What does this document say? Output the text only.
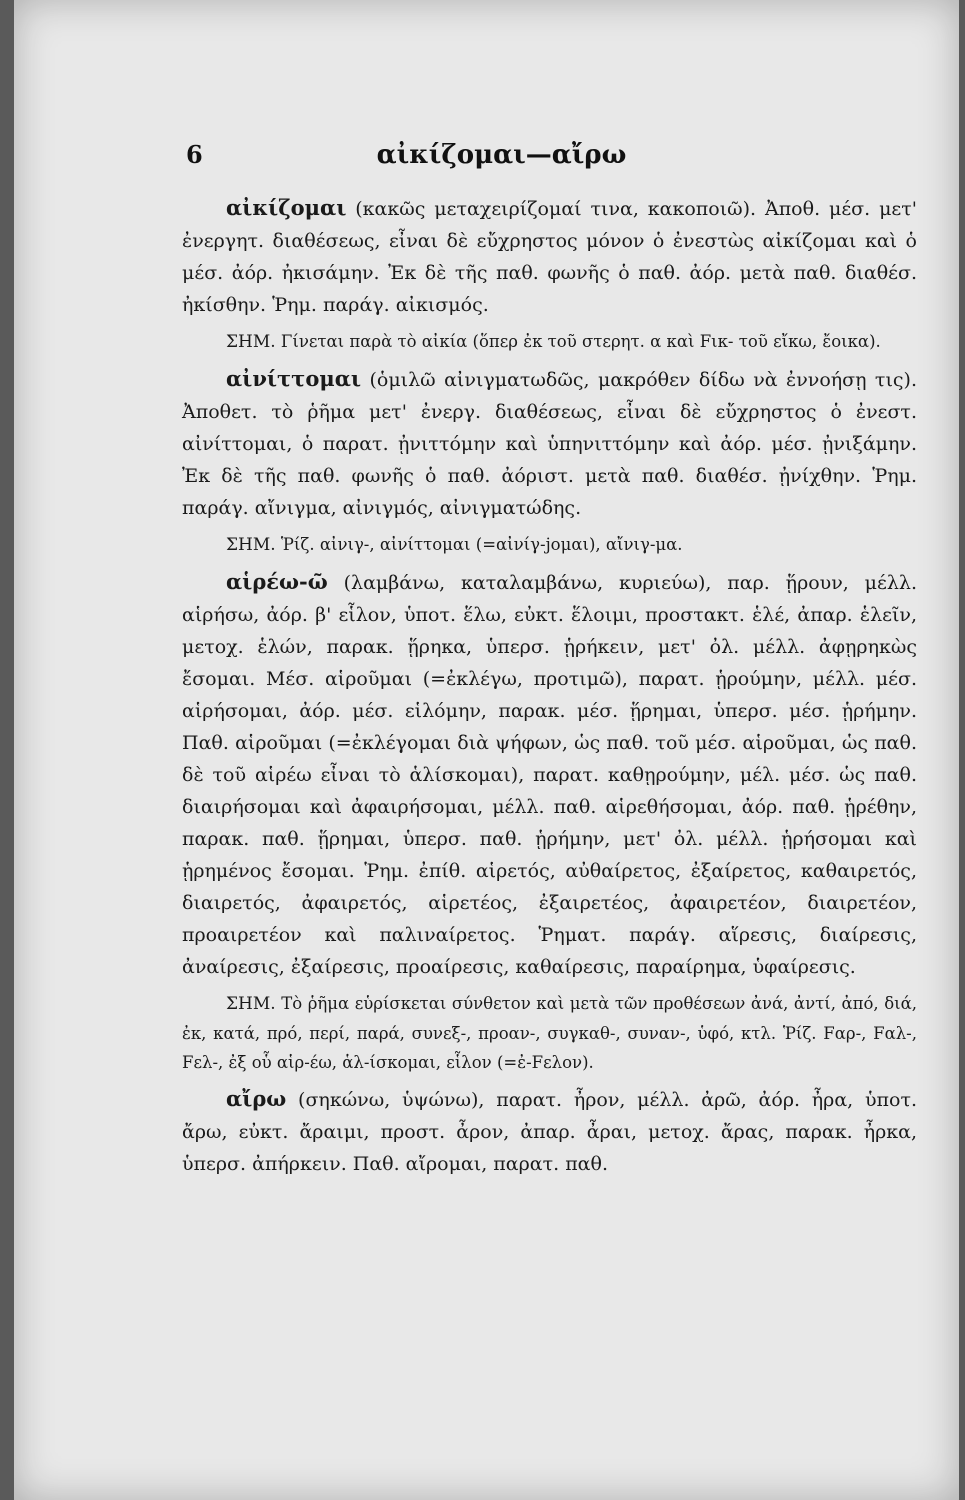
6	αἰκίζομαι—αἴρω

αἰκίζομαι (κακῶς μεταχειρίζομαί τινα, κακοποιῶ). Ἀποθ. μέσ. μετ' ἐνεργητ. διαθέσεως, εἶναι δὲ εὔχρηστος μόνον ὁ ἐνεστὼς αἰκίζομαι καὶ ὁ μέσ. ἀόρ. ἠκισάμην. Ἐκ δὲ τῆς παθ. φωνῆς ὁ παθ. ἀόρ. μετὰ παθ. διαθέσ. ἠκίσθην. Ῥημ. παράγ. αἰκισμός.

ΣΗΜ. Γίνεται παρὰ τὸ αἰκία (ὅπερ ἐκ τοῦ στερητ. α καὶ Fικ- τοῦ εἴκω, ἔοικα).

αἰνίττομαι (ὁμιλῶ αἰνιγματωδῶς, μακρόθεν δίδω νὰ ἐννοήσῃ τις). Ἀποθετ. τὸ ῥῆμα μετ' ἐνεργ. διαθέσεως, εἶναι δὲ εὔχρηστος ὁ ἐνεστ. αἰνίττομαι, ὁ παρατ. ᾐνιττόμην καὶ ὑπηνιττόμην καὶ ἀόρ. μέσ. ᾐνιξάμην. Ἐκ δὲ τῆς παθ. φωνῆς ὁ παθ. ἀόριστ. μετὰ παθ. διαθέσ. ᾐνίχθην. Ῥημ. παράγ. αἴνιγμα, αἰνιγμός, αἰνιγματώδης.

ΣΗΜ. Ῥίζ. αἰνιγ-, αἰνίττομαι (=αἰνίγ-jομαι), αἴνιγ-μα.

αἱρέω-ῶ (λαμβάνω, καταλαμβάνω, κυριεύω), παρ. ᾕρουν, μέλλ. αἱρήσω, ἀόρ. β' εἷλον, ὑποτ. ἕλω, εὐκτ. ἕλοιμι, προστακτ. ἑλέ, ἀπαρ. ἑλεῖν, μετοχ. ἑλών, παρακ. ᾕρηκα, ὑπερσ. ᾑρήκειν, μετ' ὀλ. μέλλ. ἀφῃρηκὼς ἔσομαι. Μέσ. αἱροῦμαι (=ἐκλέγω, προτιμῶ), παρατ. ᾑρούμην, μέλλ. μέσ. αἱρήσομαι, ἀόρ. μέσ. εἱλόμην, παρακ. μέσ. ᾕρημαι, ὑπερσ. μέσ. ᾑρήμην. Παθ. αἱροῦμαι (=ἐκλέγομαι διὰ ψήφων, ὡς παθ. τοῦ μέσ. αἱροῦμαι, ὡς παθ. δὲ τοῦ αἱρέω εἶναι τὸ ἁλίσκομαι), παρατ. καθῃρούμην, μέλ. μέσ. ὡς παθ. διαιρήσομαι καὶ ἀφαιρήσομαι, μέλλ. παθ. αἱρεθήσομαι, ἀόρ. παθ. ᾑρέθην, παρακ. παθ. ᾕρημαι, ὑπερσ. παθ. ᾑρήμην, μετ' ὀλ. μέλλ. ᾑρήσομαι καὶ ᾑρημένος ἔσομαι. Ῥημ. ἐπίθ. αἱρετός, αὐθαίρετος, ἐξαίρετος, καθαιρετός, διαιρετός, ἀφαιρετός, αἱρετέος, ἐξαιρετέος, ἀφαιρετέον, διαιρετέον, προαιρετέον καὶ παλιναίρετος. Ῥηματ. παράγ. αἵρεσις, διαίρεσις, ἀναίρεσις, ἐξαίρεσις, προαίρεσις, καθαίρεσις, παραίρημα, ὑφαίρεσις.

ΣΗΜ. Τὸ ῥῆμα εὑρίσκεται σύνθετον καὶ μετὰ τῶν προθέσεων ἀνά, ἀντί, ἀπό, διά, ἐκ, κατά, πρό, περί, παρά, συνεξ-, προαν-, συγκαθ-, συναν-, ὑφό, κτλ. Ῥίζ. Fαρ-, Fαλ-, Fελ-, ἐξ οὗ αἱρ-έω, ἁλ-ίσκομαι, εἷλον (=ἐ-Fελον).

αἴρω (σηκώνω, ὑψώνω), παρατ. ἦρον, μέλλ. ἀρῶ, ἀόρ. ἦρα, ὑποτ. ἄρω, εὐκτ. ἄραιμι, προστ. ἆρον, ἀπαρ. ἆραι, μετοχ. ἄρας, παρακ. ἦρκα, ὑπερσ. ἀπήρκειν. Παθ. αἴρομαι, παρατ. παθ.
